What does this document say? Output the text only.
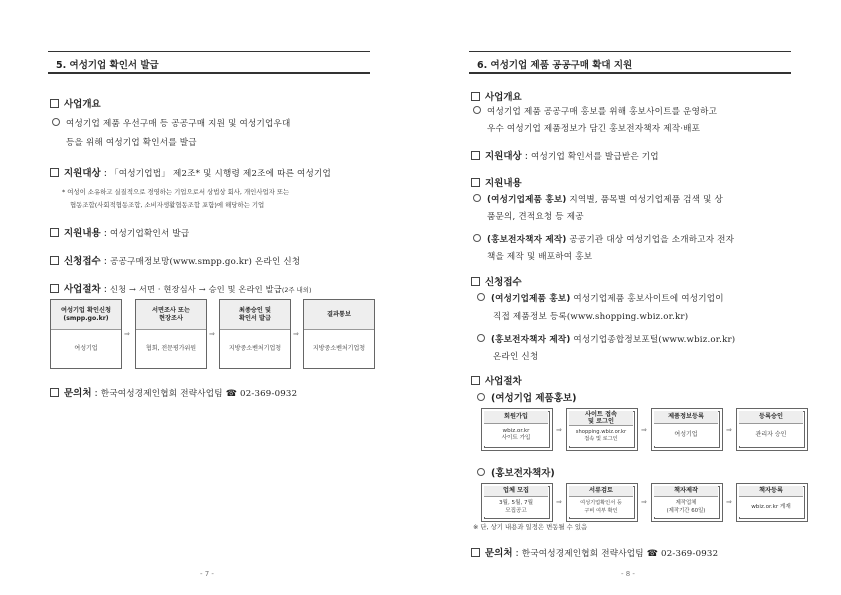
5. 여성기업 확인서 발급
사업개요
여성기업 제품 우선구매 등 공공구매 지원 및 여성기업우대
등을 위해 여성기업 확인서를 발급
지원대상 : 「여성기업법」 제2조* 및 시행령 제2조에 따른 여성기업
* 여성이 소유하고 실질적으로 경영하는 기업으로서 상법상 회사, 개인사업자 또는
협동조합(사회적협동조합, 소비자생활협동조합 포함)에 해당하는 기업
지원내용 : 여성기업확인서 발급
신청접수 : 공공구매정보망(www.smpp.go.kr) 온라인 신청
사업절차 : 신청 → 서면 · 현장심사 → 승인 및 온라인 발급(2주 내외)
여성기업 확인신청
(smpp.go.kr)
여성기업
⇒
서면조사 또는
현장조사
협회, 전문평가위원
⇒
최종승인 및
확인서 발급
지방중소벤처기업청
⇒
결과통보
지방중소벤처기업청
문의처 : 한국여성경제인협회 전략사업팀 ☎ 02-369-0932
- 7 -
6. 여성기업 제품 공공구매 확대 지원
사업개요
여성기업 제품 공공구매 홍보를 위해 홍보사이트를 운영하고
우수 여성기업 제품정보가 담긴 홍보전자책자 제작·배포
지원대상 : 여성기업 확인서를 발급받은 기업
지원내용
(여성기업제품 홍보) 지역별, 품목별 여성기업제품 검색 및 상
품문의, 견적요청 등 제공
(홍보전자책자 제작) 공공기관 대상 여성기업을 소개하고자 전자
책을 제작 및 배포하여 홍보
신청접수
(여성기업제품 홍보) 여성기업제품 홍보사이트에 여성기업이
직접 제품정보 등록(www.shopping.wbiz.or.kr)
(홍보전자책자 제작) 여성기업종합정보포털(www.wbiz.or.kr)
온라인 신청
사업절차
(여성기업 제품홍보)
회원가입
wbiz.or.kr
사이트 가입
⇒
사이트 접속
및 로그인
shopping.wbiz.or.kr
접속 및 로그인
⇒
제품정보등록
여성기업
⇒
등록승인
관리자 승인
(홍보전자책자)
업체 모집
3월, 5월, 7월
모집공고
⇒
서류검토
여성기업확인서 등
구비 여부 확인
⇒
책자제작
제작업체
(제작기간 60일)
⇒
책자등록
wbiz.or.kr 게재
※ 단, 상기 내용과 일정은 변동될 수 있음
문의처 : 한국여성경제인협회 전략사업팀 ☎ 02-369-0932
- 8 -
